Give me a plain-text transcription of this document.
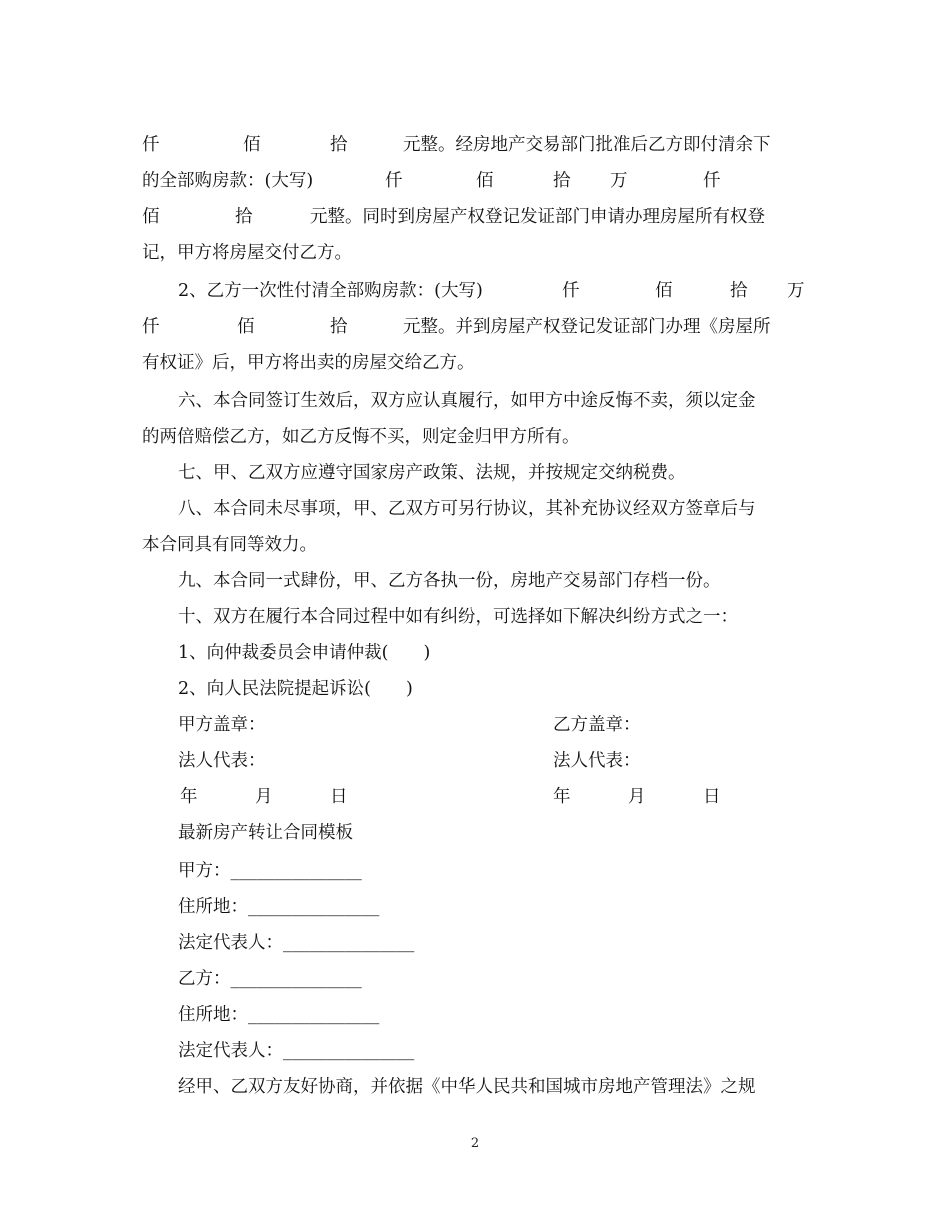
仟	佰	拾	元整。经房地产交易部门批准后乙方即付清余下
的全部购房款：(大写)	仟	佰	拾 万	仟
佰	拾	元整。同时到房屋产权登记发证部门申请办理房屋所有权登
记，甲方将房屋交付乙方。
2、乙方一次性付清全部购房款：(大写)	仟	佰	拾 万
仟	佰	拾	元整。并到房屋产权登记发证部门办理《房屋所
有权证》后，甲方将出卖的房屋交给乙方。
六、本合同签订生效后，双方应认真履行，如甲方中途反悔不卖，须以定金
的两倍赔偿乙方，如乙方反悔不买，则定金归甲方所有。
七、甲、乙双方应遵守国家房产政策、法规，并按规定交纳税费。
八、本合同未尽事项，甲、乙双方可另行协议，其补充协议经双方签章后与
本合同具有同等效力。
九、本合同一式肆份，甲、乙方各执一份，房地产交易部门存档一份。
十、双方在履行本合同过程中如有纠纷，可选择如下解决纠纷方式之一：
1、向仲裁委员会申请仲裁(　　)
2、向人民法院提起诉讼(　　)
甲方盖章：	乙方盖章：
法人代表：	法人代表：
年	月	日	年	月	日
最新房产转让合同模板
甲方：_______________
住所地：_______________
法定代表人：_______________
乙方：_______________
住所地：_______________
法定代表人：_______________
经甲、乙双方友好协商，并依据《中华人民共和国城市房地产管理法》之规
2
